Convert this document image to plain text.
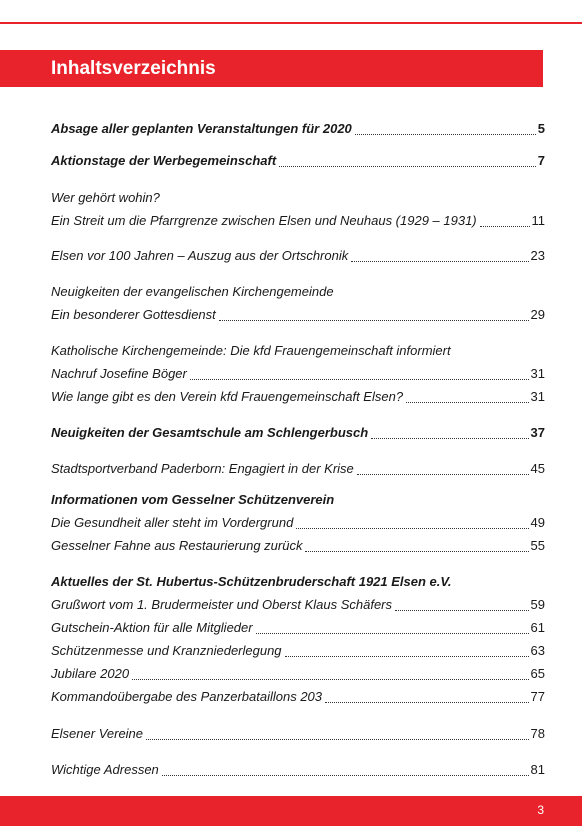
Inhaltsverzeichnis
Absage aller geplanten Veranstaltungen für 2020	5
Aktionstage der Werbegemeinschaft	7
Wer gehört wohin?
Ein Streit um die Pfarrgrenze zwischen Elsen und Neuhaus (1929 – 1931)	11
Elsen vor 100 Jahren – Auszug aus der Ortschronik	23
Neuigkeiten der evangelischen Kirchengemeinde
Ein besonderer Gottesdienst	29
Katholische Kirchengemeinde: Die kfd Frauengemeinschaft informiert
Nachruf Josefine Böger	31
Wie lange gibt es den Verein kfd Frauengemeinschaft Elsen?	31
Neuigkeiten der Gesamtschule am Schlengerbusch	37
Stadtsportverband Paderborn: Engagiert in der Krise	45
Informationen vom Gesselner Schützenverein
Die Gesundheit aller steht im Vordergrund	49
Gesselner Fahne aus Restaurierung zurück	55
Aktuelles der St. Hubertus-Schützenbruderschaft 1921 Elsen e.V.
Grußwort vom 1. Brudermeister und Oberst Klaus Schäfers	59
Gutschein-Aktion für alle Mitglieder	61
Schützenmesse und Kranzniederlegung	63
Jubilare 2020	65
Kommandoübergabe des Panzerbataillons 203	77
Elsener Vereine	78
Wichtige Adressen	81
3
